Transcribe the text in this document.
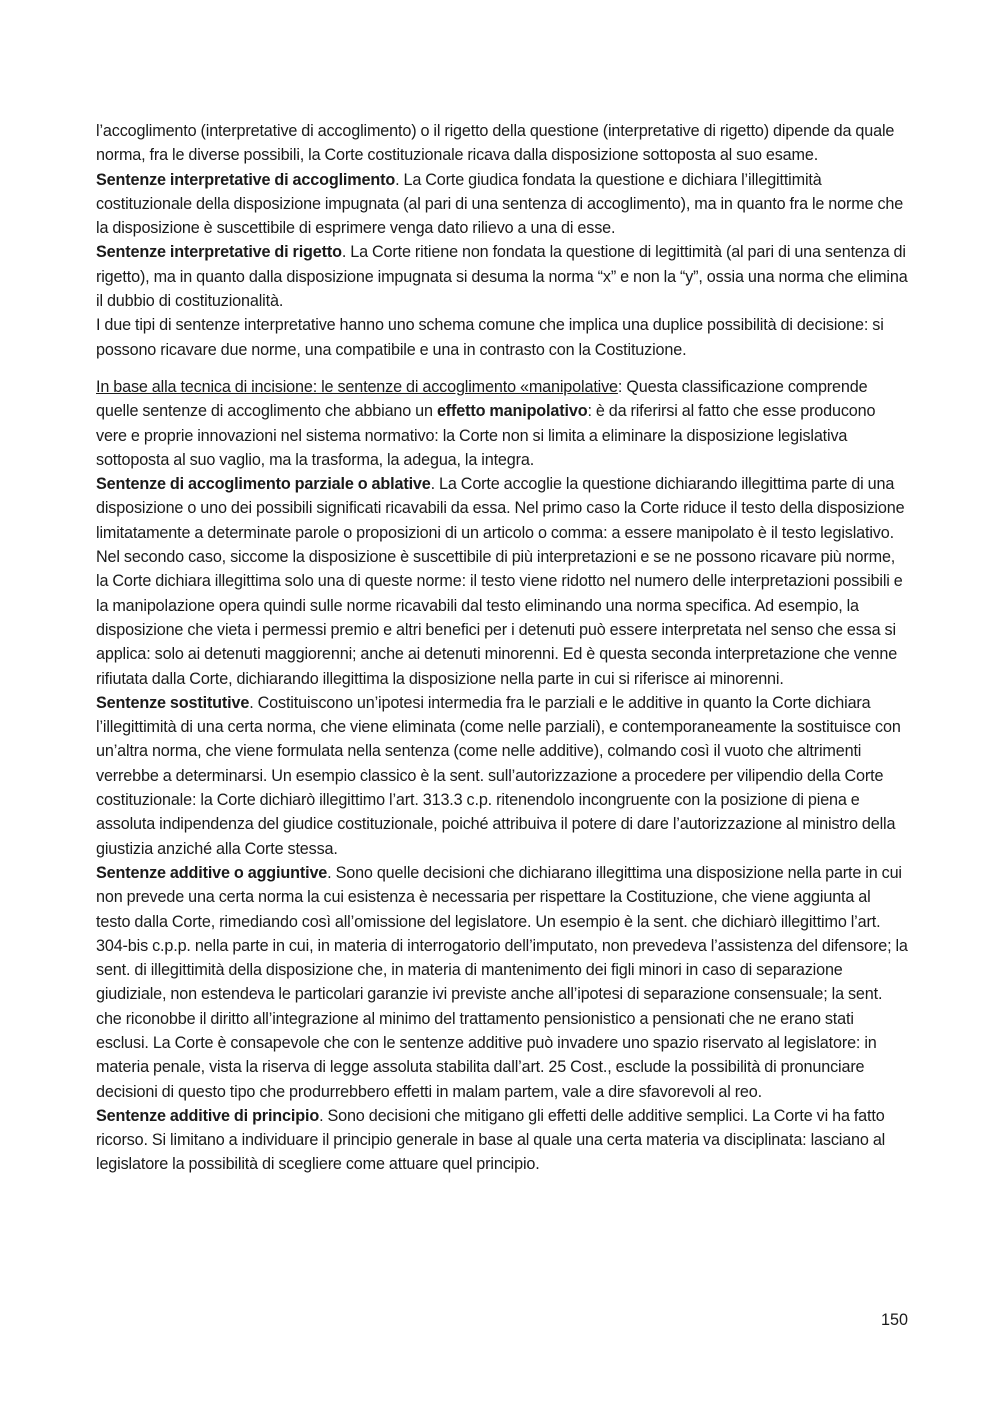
l’accoglimento (interpretative di accoglimento) o il rigetto della questione (interpretative di rigetto) dipende da quale norma, fra le diverse possibili, la Corte costituzionale ricava dalla disposizione sottoposta al suo esame.

Sentenze interpretative di accoglimento. La Corte giudica fondata la questione e dichiara l’illegittimità costituzionale della disposizione impugnata (al pari di una sentenza di accoglimento), ma in quanto fra le norme che la disposizione è suscettibile di esprimere venga dato rilievo a una di esse.

Sentenze interpretative di rigetto. La Corte ritiene non fondata la questione di legittimità (al pari di una sentenza di rigetto), ma in quanto dalla disposizione impugnata si desuma la norma “x” e non la “y”, ossia una norma che elimina il dubbio di costituzionalità.

I due tipi di sentenze interpretative hanno uno schema comune che implica una duplice possibilità di decisione: si possono ricavare due norme, una compatibile e una in contrasto con la Costituzione.

In base alla tecnica di incisione: le sentenze di accoglimento «manipolative: Questa classificazione comprende quelle sentenze di accoglimento che abbiano un effetto manipolativo: è da riferirsi al fatto che esse producono vere e proprie innovazioni nel sistema normativo: la Corte non si limita a eliminare la disposizione legislativa sottoposta al suo vaglio, ma la trasforma, la adegua, la integra.

Sentenze di accoglimento parziale o ablative. La Corte accoglie la questione dichiarando illegittima parte di una disposizione o uno dei possibili significati ricavabili da essa. Nel primo caso la Corte riduce il testo della disposizione limitatamente a determinate parole o proposizioni di un articolo o comma: a essere manipolato è il testo legislativo. Nel secondo caso, siccome la disposizione è suscettibile di più interpretazioni e se ne possono ricavare più norme, la Corte dichiara illegittima solo una di queste norme: il testo viene ridotto nel numero delle interpretazioni possibili e la manipolazione opera quindi sulle norme ricavabili dal testo eliminando una norma specifica. Ad esempio, la disposizione che vieta i permessi premio e altri benefici per i detenuti può essere interpretata nel senso che essa si applica: solo ai detenuti maggiorenni; anche ai detenuti minorenni. Ed è questa seconda interpretazione che venne rifiutata dalla Corte, dichiarando illegittima la disposizione nella parte in cui si riferisce ai minorenni.

Sentenze sostitutive. Costituiscono un’ipotesi intermedia fra le parziali e le additive in quanto la Corte dichiara l’illegittimità di una certa norma, che viene eliminata (come nelle parziali), e contemporaneamente la sostituisce con un’altra norma, che viene formulata nella sentenza (come nelle additive), colmando così il vuoto che altrimenti verrebbe a determinarsi. Un esempio classico è la sent. sull’autorizzazione a procedere per vilipendio della Corte costituzionale: la Corte dichiarò illegittimo l’art. 313.3 c.p. ritenendolo incongruente con la posizione di piena e assoluta indipendenza del giudice costituzionale, poiché attribuiva il potere di dare l’autorizzazione al ministro della giustizia anziché alla Corte stessa.

Sentenze additive o aggiuntive. Sono quelle decisioni che dichiarano illegittima una disposizione nella parte in cui non prevede una certa norma la cui esistenza è necessaria per rispettare la Costituzione, che viene aggiunta al testo dalla Corte, rimediando così all’omissione del legislatore. Un esempio è la sent. che dichiarò illegittimo l’art. 304-bis c.p.p. nella parte in cui, in materia di interrogatorio dell’imputato, non prevedeva l’assistenza del difensore; la sent. di illegittimità della disposizione che, in materia di mantenimento dei figli minori in caso di separazione giudiziale, non estendeva le particolari garanzie ivi previste anche all’ipotesi di separazione consensuale; la sent. che riconobbe il diritto all’integrazione al minimo del trattamento pensionistico a pensionati che ne erano stati esclusi. La Corte è consapevole che con le sentenze additive può invadere uno spazio riservato al legislatore: in materia penale, vista la riserva di legge assoluta stabilita dall’art. 25 Cost., esclude la possibilità di pronunciare decisioni di questo tipo che produrrebbero effetti in malam partem, vale a dire sfavorevoli al reo.

Sentenze additive di principio. Sono decisioni che mitigano gli effetti delle additive semplici. La Corte vi ha fatto ricorso. Si limitano a individuare il principio generale in base al quale una certa materia va disciplinata: lasciano al legislatore la possibilità di scegliere come attuare quel principio.

150
